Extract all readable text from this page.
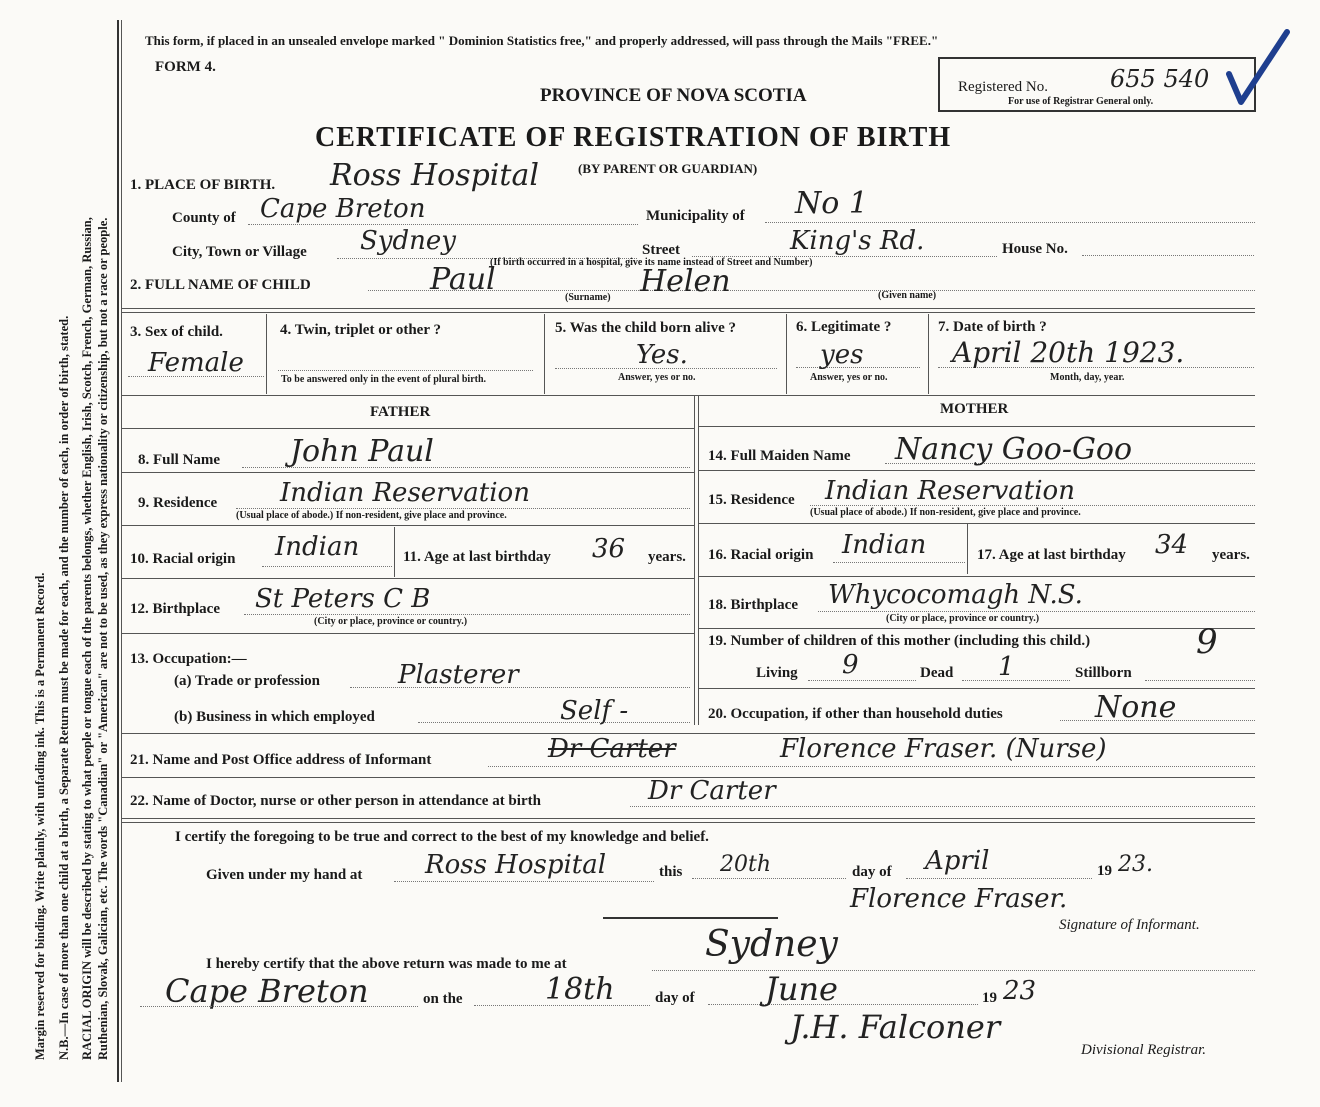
Margin reserved for binding. Write plainly, with unfading ink. This is a Permanent Record. N.B.—In case of more than one child at a birth, a Separate Return must be made for each, and the number of each, in order of birth, stated. RACIAL ORIGIN will be described by stating to what people or tongue each of the parents belongs, whether English, Irish, Scotch, French, German, Russian, Ruthenian, Slovak, Galician, etc. The words "Canadian" or "American" are not to be used, as they express nationality or citizenship, but not a race or people.
This form, if placed in an unsealed envelope marked " Dominion Statistics free," and properly addressed, will pass through the Mails "FREE."
FORM 4.
PROVINCE OF NOVA SCOTIA
CERTIFICATE OF REGISTRATION OF BIRTH
(BY PARENT OR GUARDIAN)
Registered No.	655 540
For use of Registrar General only.
1. PLACE OF BIRTH. Ross Hospital
County of Cape Breton	Municipality of No 1
City, Town or Village Sydney	Street	King's Rd.	House No.
(If birth occurred in a hospital, give its name instead of Street and Number)
2. FULL NAME OF CHILD	Paul	Helen
(Surname)	(Given name)
3. Sex of child.
Female
4. Twin, triplet or other ?
To be answered only in the event of plural birth.
5. Was the child born alive ?
Yes.
Answer, yes or no.
6. Legitimate ?
yes
Answer, yes or no.
7. Date of birth ?
April 20th 1923.
Month, day, year.
FATHER	MOTHER
8. Full Name John Paul
9. Residence Indian Reservation
(Usual place of abode.) If non-resident, give place and province.
10. Racial origin Indian	11. Age at last birthday 36 years.
12. Birthplace St Peters C B
(City or place, province or country.)
13. Occupation:—
(a) Trade or profession	Plasterer
(b) Business in which employed	Self -
14. Full Maiden Name Nancy Goo-Goo
15. Residence Indian Reservation
(Usual place of abode.) If non-resident, give place and province.
16. Racial origin Indian	17. Age at last birthday 34 years.
18. Birthplace Whycocomagh N.S.
(City or place, province or country.)
19. Number of children of this mother (including this child.)	9
Living 9	Dead 1	Stillborn
20. Occupation, if other than household duties	None
21. Name and Post Office address of Informant	Dr Carter	Florence Fraser. (Nurse)
22. Name of Doctor, nurse or other person in attendance at birth	Dr Carter
I certify the foregoing to be true and correct to the best of my knowledge and belief.
Given under my hand at Ross Hospital	this 20th	day of April	19 23.
Florence Fraser.
Signature of Informant.
I hereby certify that the above return was made to me at	Sydney
Cape Breton	on the	18th	day of June	19 23
J.H. Falconer
Divisional Registrar.
